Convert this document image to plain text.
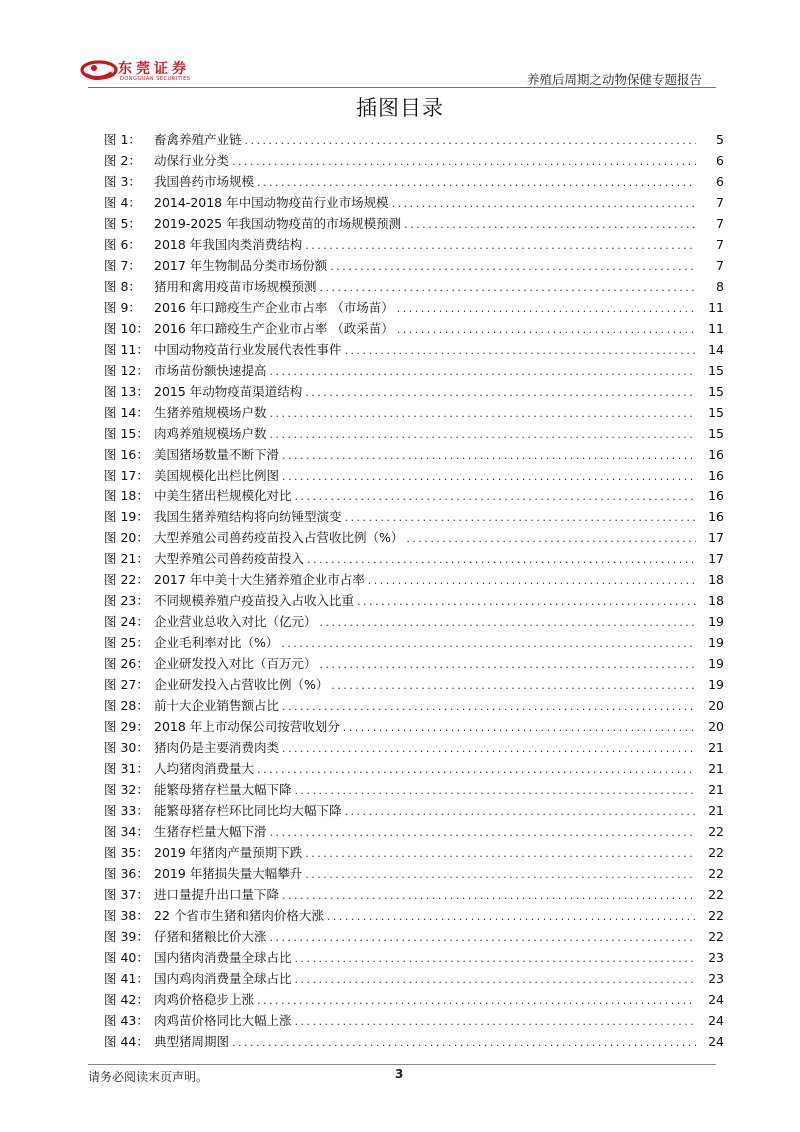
东莞证券
DONGGUAN SECURITIES	养殖后周期之动物保健专题报告
插图目录
图 1：	畜禽养殖产业链 .....	5
图 2：	动保行业分类 .....	6
图 3：	我国兽药市场规模 .....	6
图 4：	2014-2018 年中国动物疫苗行业市场规模 .....	7
图 5：	2019-2025 年我国动物疫苗的市场规模预测 .....	7
图 6：	2018 年我国肉类消费结构 .....	7
图 7：	2017 年生物制品分类市场份额 .....	7
图 8：	猪用和禽用疫苗市场规模预测 .....	8
图 9：	2016 年口蹄疫生产企业市占率 （市场苗） .....	11
图 10： 2016 年口蹄疫生产企业市占率 （政采苗） .....	11
图 11： 中国动物疫苗行业发展代表性事件 .....	14
图 12： 市场苗份额快速提高 .....	15
图 13： 2015 年动物疫苗渠道结构 .....	15
图 14： 生猪养殖规模场户数 .....	15
图 15： 肉鸡养殖规模场户数 .....	15
图 16： 美国猪场数量不断下滑 .....	16
图 17： 美国规模化出栏比例图 .....	16
图 18： 中美生猪出栏规模化对比 .....	16
图 19： 我国生猪养殖结构将向纺锤型演变 .....	16
图 20： 大型养殖公司兽药疫苗投入占营收比例（%） .....	17
图 21： 大型养殖公司兽药疫苗投入 .....	17
图 22： 2017 年中美十大生猪养殖企业市占率 .....	18
图 23： 不同规模养殖户疫苗投入占收入比重 .....	18
图 24： 企业营业总收入对比（亿元） .....	19
图 25： 企业毛利率对比（%） .....	19
图 26： 企业研发投入对比（百万元） .....	19
图 27： 企业研发投入占营收比例（%） .....	19
图 28： 前十大企业销售额占比 .....	20
图 29： 2018 年上市动保公司按营收划分 .....	20
图 30： 猪肉仍是主要消费肉类 .....	21
图 31： 人均猪肉消费量大 .....	21
图 32： 能繁母猪存栏量大幅下降 .....	21
图 33： 能繁母猪存栏环比同比均大幅下降 .....	21
图 34： 生猪存栏量大幅下滑 .....	22
图 35： 2019 年猪肉产量预期下跌 .....	22
图 36： 2019 年猪损失量大幅攀升 .....	22
图 37： 进口量提升出口量下降 .....	22
图 38： 22 个省市生猪和猪肉价格大涨 .....	22
图 39： 仔猪和猪粮比价大涨 .....	22
图 40： 国内猪肉消费量全球占比 .....	23
图 41： 国内鸡肉消费量全球占比 .....	23
图 42： 肉鸡价格稳步上涨 .....	24
图 43： 肉鸡苗价格同比大幅上涨 .....	24
图 44： 典型猪周期图 .....	24
请务必阅读末页声明。	3
